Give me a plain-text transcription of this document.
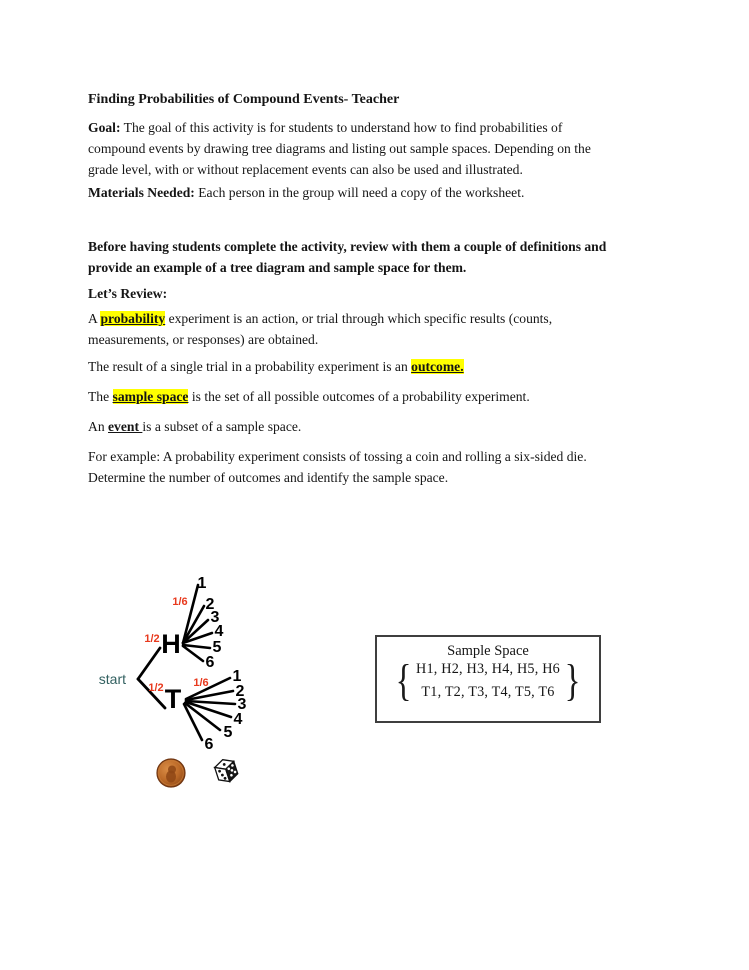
Finding Probabilities of Compound Events- Teacher
Goal: The goal of this activity is for students to understand how to find probabilities of
compound events by drawing tree diagrams and listing out sample spaces. Depending on the
grade level, with or without replacement events can also be used and illustrated.
Materials Needed: Each person in the group will need a copy of the worksheet.
Before having students complete the activity, review with them a couple of definitions and
provide an example of a tree diagram and sample space for them.
Let’s Review:
A probability experiment is an action, or trial through which specific results (counts,
measurements, or responses) are obtained.
The result of a single trial in a probability experiment is an outcome.
The sample space is the set of all possible outcomes of a probability experiment.
An event is a subset of a sample space.
For example: A probability experiment consists of tossing a coin and rolling a six-sided die.
Determine the number of outcomes and identify the sample space.
start
1/2
1/2
1/6
1/6
H
T
1
2
3
4
5
6
1
2
3
4
5
6
Sample Space
{ H1, H2, H3, H4, H5, H6
T1, T2, T3, T4, T5, T6 }
